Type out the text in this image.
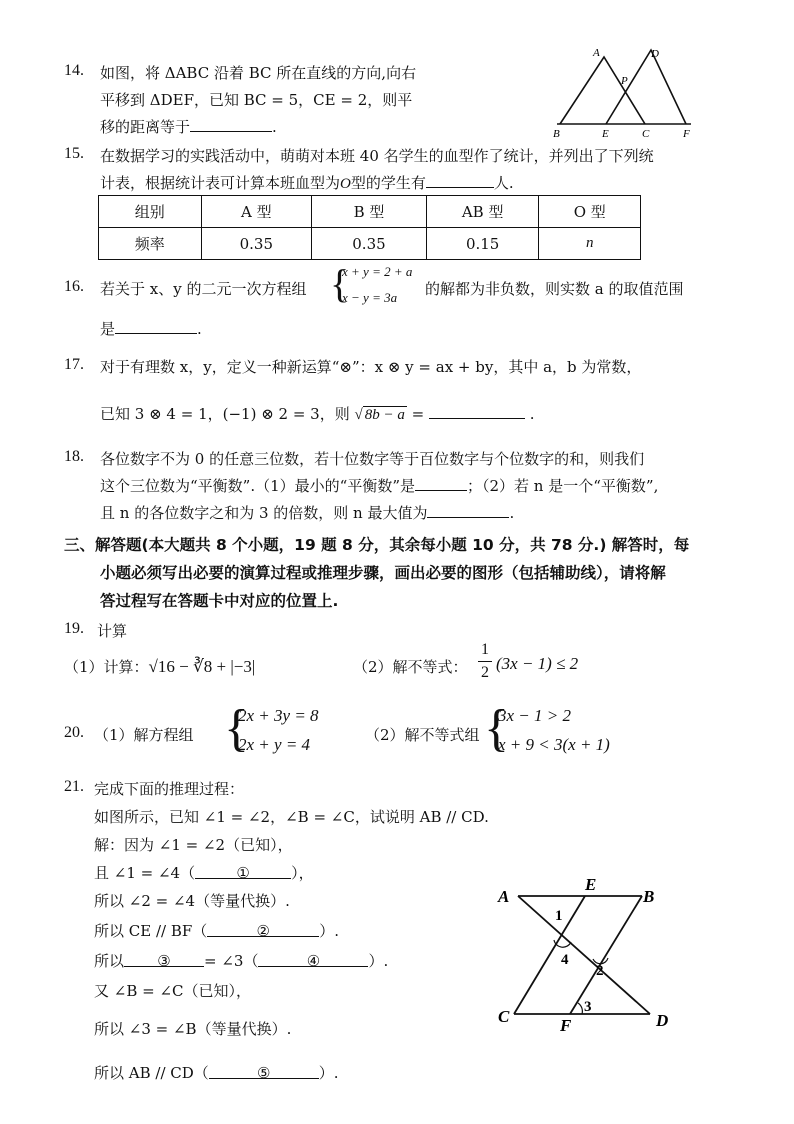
14. 如图，将 ΔABC 沿着 BC 所在直线的方向,向右
平移到 ΔDEF，已知 BC = 5，CE = 2，则平
移的距离等于	.
A	D
P
B	E	C	F
15. 在数据学习的实践活动中，萌萌对本班 40 名学生的血型作了统计，并列出了下列统
计表，根据统计表可计算本班血型为O型的学生有	人.
组别	A 型	B 型	AB 型	O 型
频率	0.35	0.35	0.15	n
16. 若关于 x、y 的二元一次方程组 {
x + y = 2 + a
x − y = 3a 的解都为非负数，则实数 a 的取值范围
是	.
17. 对于有理数 x，y，定义一种新运算“⊗”：x ⊗ y = ax + by，其中 a，b 为常数，
已知 3 ⊗ 4 = 1，(−1) ⊗ 2 = 3，则 √ 8b − a =	.
18. 各位数字不为 0 的任意三位数，若十位数字等于百位数字与个位数字的和，则我们
这个三位数为“平衡数”.（1）最小的“平衡数”是	；（2）若 n 是一个“平衡数”,
且 n 的各位数字之和为 3 的倍数，则 n 最大值为	.
三、解答题(本大题共 8 个小题，19 题 8 分，其余每小题 10 分，共 78 分.) 解答时，每
小题必须写出必要的演算过程或推理步骤，画出必要的图形（包括辅助线），请将解
答过程写在答题卡中对应的位置上.
19. 计算
（1）计算：√16 − ∛8 + |−3|	（2）解不等式：
1
2 (3x − 1) ≤ 2
20. （1）解方程组 {
2x + 3y = 8
2x + y = 4	（2）解不等式组 {
3x − 1 > 2
x + 9 < 3(x + 1)
21. 完成下面的推理过程：
如图所示，已知 ∠1 = ∠2，∠B = ∠C，试说明 AB // CD.
解：因为 ∠1 = ∠2（已知），
且 ∠1 = ∠4（	①	），
所以 ∠2 = ∠4（等量代换）.
所以 CE // BF（	②	）.
所以 ③ = ∠3（	④	）.
又 ∠B = ∠C（已知），
所以 ∠3 = ∠B（等量代换）.
所以 AB // CD（	⑤	）.
A
E
B
C	F	D
1
2
3
4
